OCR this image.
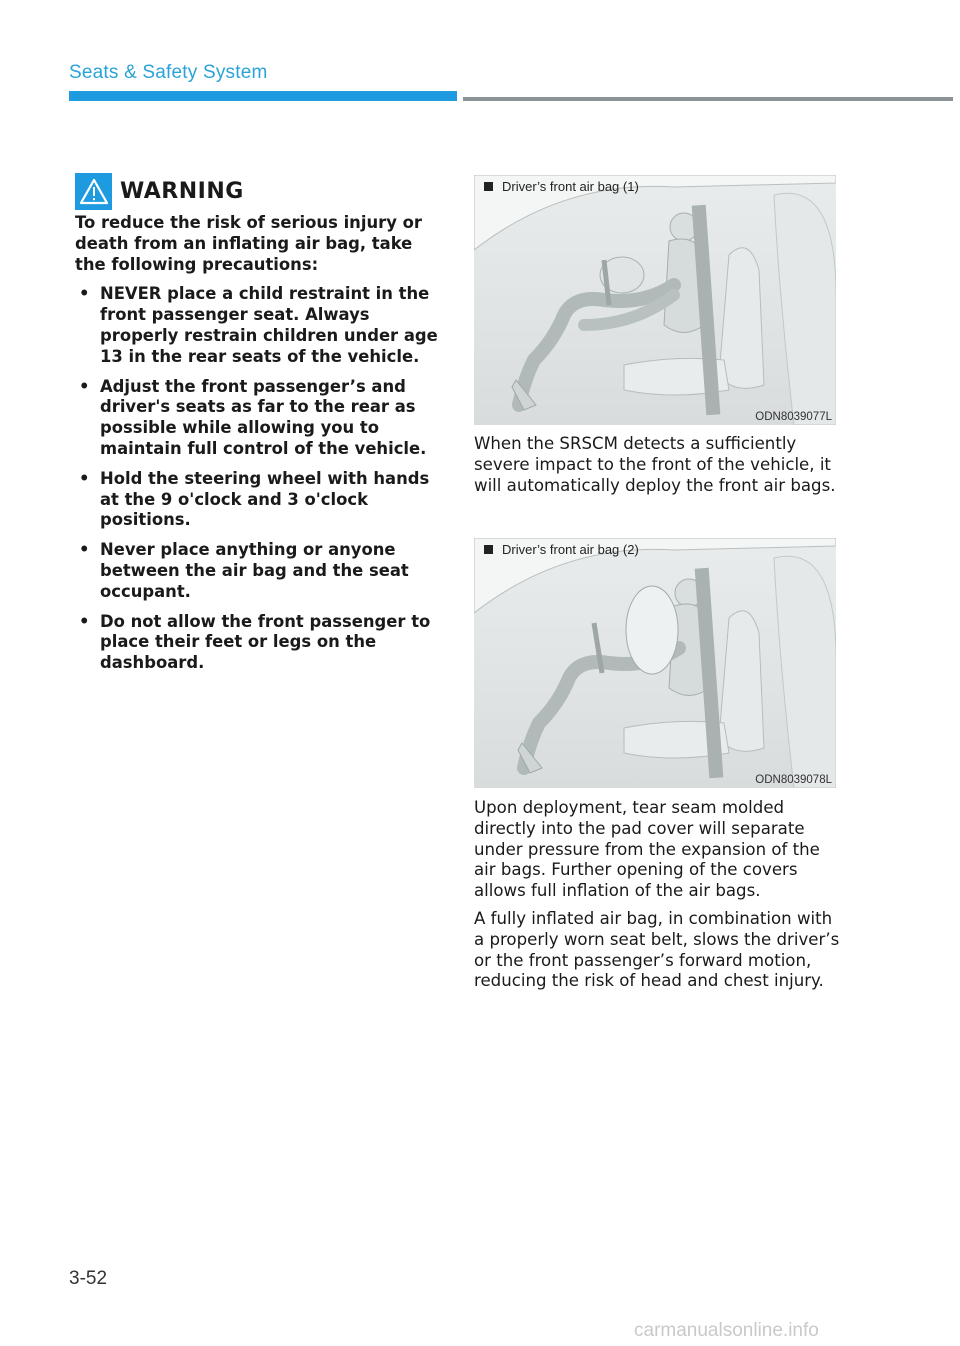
Seats & Safety System
WARNING

To reduce the risk of serious injury or death from an inflating air bag, take the following precautions:

• NEVER place a child restraint in the front passenger seat. Always properly restrain children under age 13 in the rear seats of the vehicle.
• Adjust the front passenger’s and driver's seats as far to the rear as possible while allowing you to maintain full control of the vehicle.
• Hold the steering wheel with hands at the 9 o'clock and 3 o'clock positions.
• Never place anything or anyone between the air bag and the seat occupant.
• Do not allow the front passenger to place their feet or legs on the dashboard.
Driver’s front air bag (1)
ODN8039077L
When the SRSCM detects a sufficiently severe impact to the front of the vehicle, it will automatically deploy the front air bags.
Driver’s front air bag (2)
ODN8039078L
Upon deployment, tear seam molded directly into the pad cover will separate under pressure from the expansion of the air bags. Further opening of the covers allows full inflation of the air bags.
A fully inflated air bag, in combination with a properly worn seat belt, slows the driver’s or the front passenger’s forward motion, reducing the risk of head and chest injury.
3-52
carmanualsonline.info
